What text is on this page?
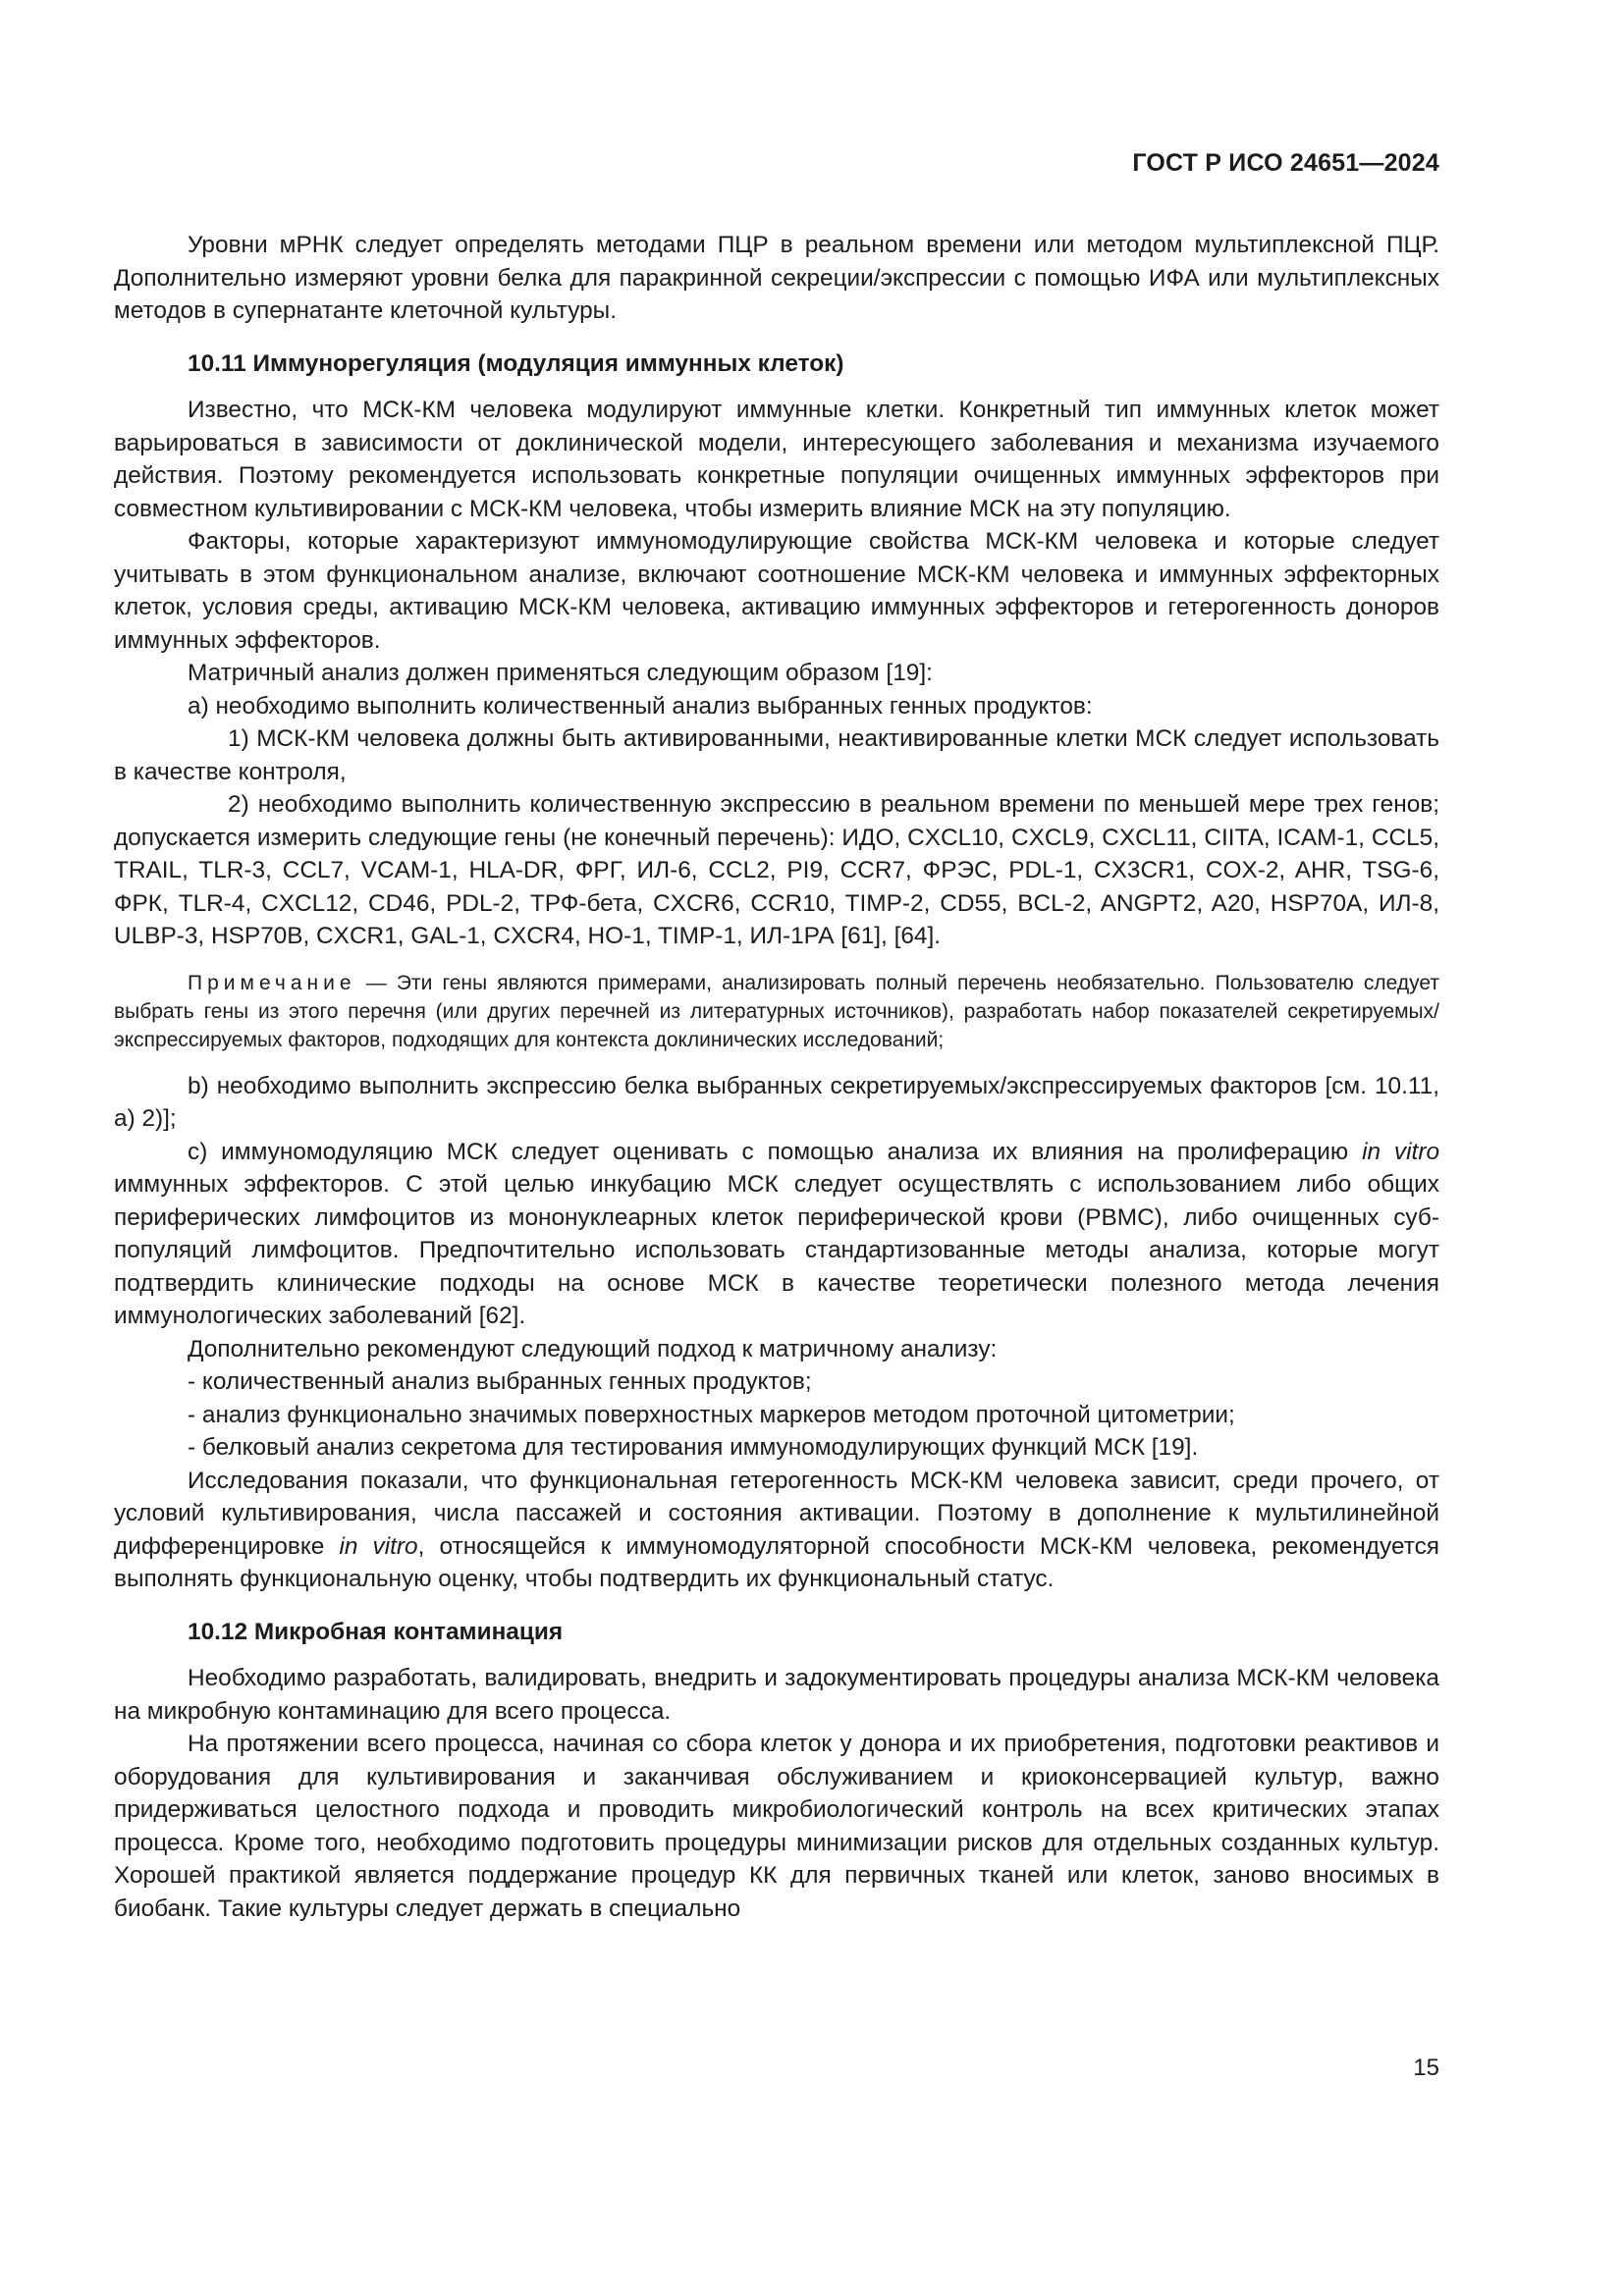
ГОСТ Р ИСО 24651—2024

Уровни мРНК следует определять методами ПЦР в реальном времени или методом мультиплексной ПЦР. Дополнительно измеряют уровни белка для паракринной секреции/экспрессии с помощью ИФА или мультиплексных методов в супернатанте клеточной культуры.

10.11 Иммунорегуляция (модуляция иммунных клеток)

Известно, что МСК-КМ человека модулируют иммунные клетки. Конкретный тип иммунных клеток может варьироваться в зависимости от доклинической модели, интересующего заболевания и механизма изучаемого действия. Поэтому рекомендуется использовать конкретные популяции очищенных иммунных эффекторов при совместном культивировании с МСК-КМ человека, чтобы измерить влияние МСК на эту популяцию.

Факторы, которые характеризуют иммуномодулирующие свойства МСК-КМ человека и которые следует учитывать в этом функциональном анализе, включают соотношение МСК-КМ человека и иммунных эффекторных клеток, условия среды, активацию МСК-КМ человека, активацию иммунных эффекторов и гетерогенность доноров иммунных эффекторов.

Матричный анализ должен применяться следующим образом [19]:

a) необходимо выполнить количественный анализ выбранных генных продуктов:

1) МСК-КМ человека должны быть активированными, неактивированные клетки МСК следует использовать в качестве контроля,

2) необходимо выполнить количественную экспрессию в реальном времени по меньшей мере трех генов; допускается измерить следующие гены (не конечный перечень): ИДО, CXCL10, CXCL9, CXCL11, CIITA, ICAM-1, CCL5, TRAIL, TLR-3, CCL7, VCAM-1, HLA-DR, ФРГ, ИЛ-6, CCL2, PI9, CCR7, ФРЭС, PDL-1, CX3CR1, COX-2, AHR, TSG-6, ФРК, TLR-4, CXCL12, CD46, PDL-2, ТРФ-бета, CXCR6, CCR10, TIMP-2, CD55, BCL-2, ANGPT2, A20, HSP70A, ИЛ-8, ULBP-3, HSP70B, CXCR1, GAL-1, CXCR4, HO-1, TIMP-1, ИЛ-1РА [61], [64].

Примечание — Эти гены являются примерами, анализировать полный перечень необязательно. Пользователю следует выбрать гены из этого перечня (или других перечней из литературных источников), разработать набор показателей секретируемых/экспрессируемых факторов, подходящих для контекста доклинических исследований;

b) необходимо выполнить экспрессию белка выбранных секретируемых/экспрессируемых факторов [см. 10.11, a) 2)];

c) иммуномодуляцию МСК следует оценивать с помощью анализа их влияния на пролиферацию in vitro иммунных эффекторов. С этой целью инкубацию МСК следует осуществлять с использованием либо общих периферических лимфоцитов из мононуклеарных клеток периферической крови (PBMC), либо очищенных суб-популяций лимфоцитов. Предпочтительно использовать стандартизованные методы анализа, которые могут подтвердить клинические подходы на основе МСК в качестве теоретически полезного метода лечения иммунологических заболеваний [62].

Дополнительно рекомендуют следующий подход к матричному анализу:

- количественный анализ выбранных генных продуктов;

- анализ функционально значимых поверхностных маркеров методом проточной цитометрии;

- белковый анализ секретома для тестирования иммуномодулирующих функций МСК [19].

Исследования показали, что функциональная гетерогенность МСК-КМ человека зависит, среди прочего, от условий культивирования, числа пассажей и состояния активации. Поэтому в дополнение к мультилинейной дифференцировке in vitro, относящейся к иммуномодуляторной способности МСК-КМ человека, рекомендуется выполнять функциональную оценку, чтобы подтвердить их функциональный статус.

10.12 Микробная контаминация

Необходимо разработать, валидировать, внедрить и задокументировать процедуры анализа МСК-КМ человека на микробную контаминацию для всего процесса.

На протяжении всего процесса, начиная со сбора клеток у донора и их приобретения, подготовки реактивов и оборудования для культивирования и заканчивая обслуживанием и криоконсервацией культур, важно придерживаться целостного подхода и проводить микробиологический контроль на всех критических этапах процесса. Кроме того, необходимо подготовить процедуры минимизации рисков для отдельных созданных культур. Хорошей практикой является поддержание процедур КК для первичных тканей или клеток, заново вносимых в биобанк. Такие культуры следует держать в специально

15
